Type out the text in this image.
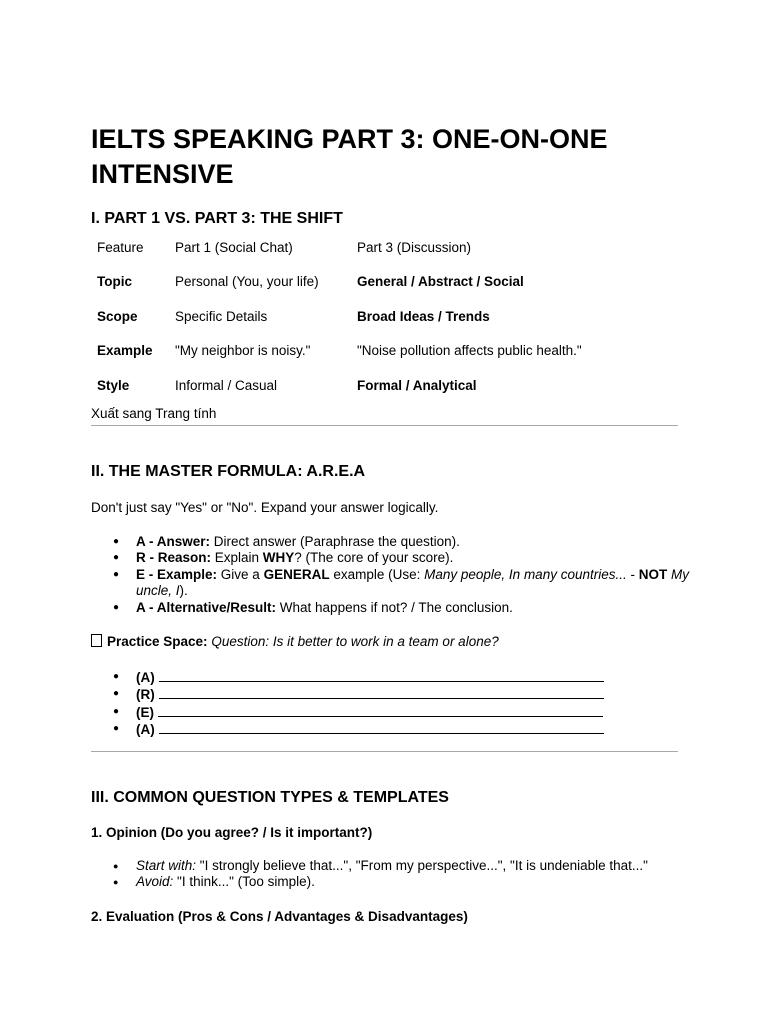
IELTS SPEAKING PART 3: ONE-ON-ONE INTENSIVE
I. PART 1 VS. PART 3: THE SHIFT
Feature Part 1 (Social Chat)	Part 3 (Discussion)
Topic	Personal (You, your life)	General / Abstract / Social
Scope	Specific Details	Broad Ideas / Trends
Example "My neighbor is noisy."	"Noise pollution affects public health."
Style	Informal / Casual	Formal / Analytical
Xuất sang Trang tính
II. THE MASTER FORMULA: A.R.E.A
Don't just say "Yes" or "No". Expand your answer logically.
● A - Answer: Direct answer (Paraphrase the question).
● R - Reason: Explain WHY? (The core of your score).
● E - Example: Give a GENERAL example (Use: Many people, In many countries... - NOT My uncle, I).
● A - Alternative/Result: What happens if not? / The conclusion.
Practice Space: Question: Is it better to work in a team or alone?
● (A)
● (R)
● (E)
● (A)
III. COMMON QUESTION TYPES & TEMPLATES
1. Opinion (Do you agree? / Is it important?)
● Start with: "I strongly believe that...", "From my perspective...", "It is undeniable that..."
● Avoid: "I think..." (Too simple).
2. Evaluation (Pros & Cons / Advantages & Disadvantages)
